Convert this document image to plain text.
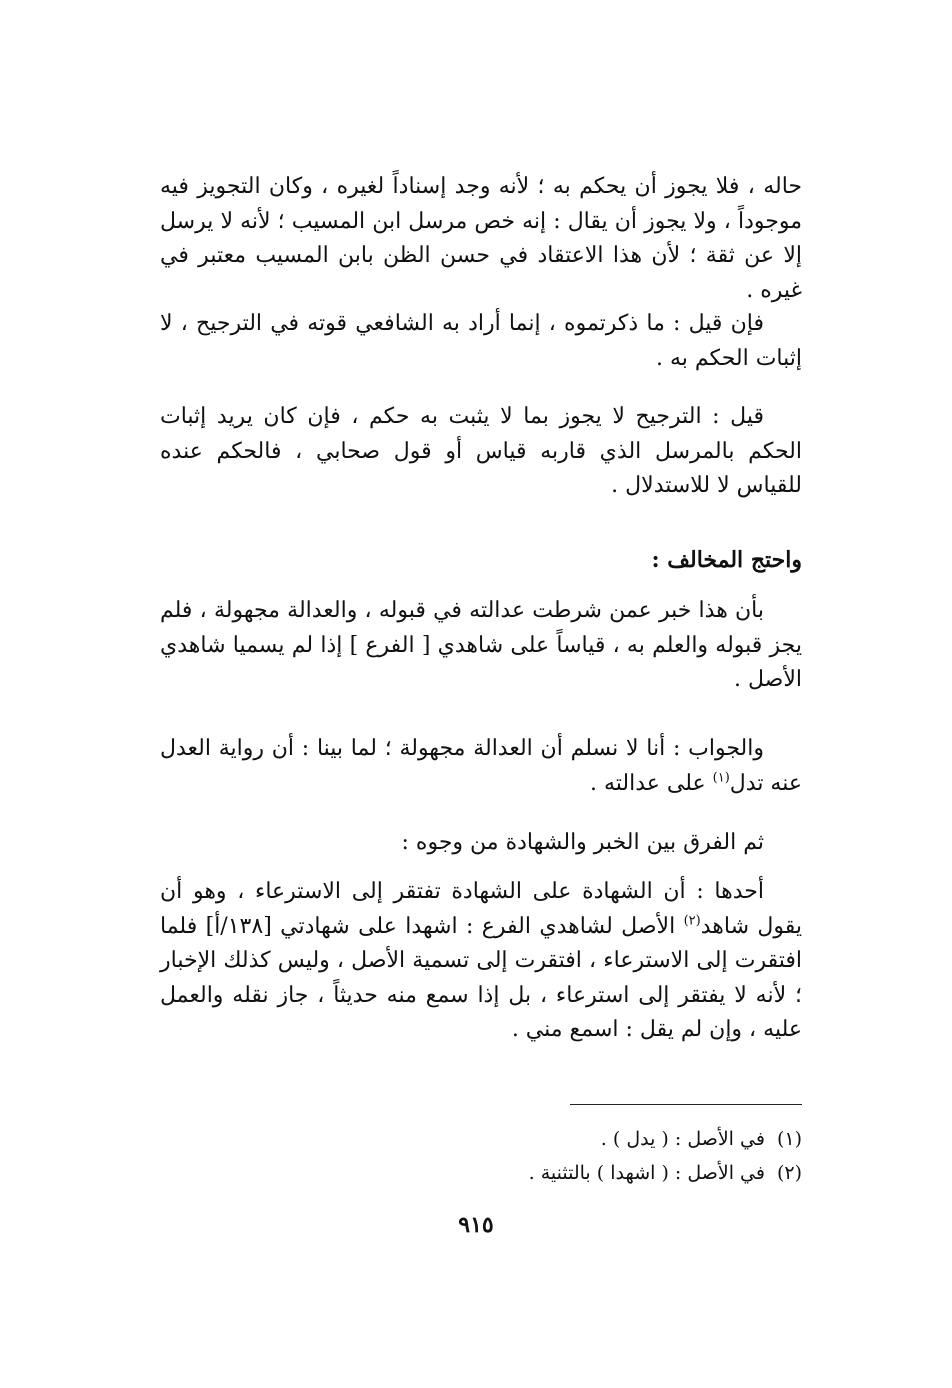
حاله ، فلا يجوز أن يحكم به ؛ لأنه وجد إسناداً لغيره ، وكان التجويز فيه موجوداً ، ولا يجوز أن يقال : إنه خص مرسل ابن المسيب ؛ لأنه لا يرسل إلا عن ثقة ؛ لأن هذا الاعتقاد في حسن الظن بابن المسيب معتبر في غيره .

فإن قيل : ما ذكرتموه ، إنما أراد به الشافعي قوته في الترجيح ، لا إثبات الحكم به .

قيل : الترجيح لا يجوز بما لا يثبت به حكم ، فإن كان يريد إثبات الحكم بالمرسل الذي قاربه قياس أو قول صحابي ، فالحكم عنده للقياس لا للاستدلال .

واحتج المخالف :

بأن هذا خبر عمن شرطت عدالته في قبوله ، والعدالة مجهولة ، فلم يجز قبوله والعلم به ، قياساً على شاهدي [ الفرع ] إذا لم يسميا شاهدي الأصل .

والجواب : أنا لا نسلم أن العدالة مجهولة ؛ لما بينا : أن رواية العدل عنه تدل$^{(١)}$ على عدالته .

ثم الفرق بين الخبر والشهادة من وجوه :

أحدها : أن الشهادة على الشهادة تفتقر إلى الاسترعاء ، وهو أن يقول شاهد$^{(٢)}$ الأصل لشاهدي الفرع : اشهدا على شهادتي [١٣٨/أ] فلما افتقرت إلى الاسترعاء ، افتقرت إلى تسمية الأصل ، وليس كذلك الإخبار ؛ لأنه لا يفتقر إلى استرعاء ، بل إذا سمع منه حديثاً ، جاز نقله والعمل عليه ، وإن لم يقل : اسمع مني .

(١)في الأصل : ( يدل ) .
(٢)في الأصل : ( اشهدا ) بالتثنية .
٩١٥
